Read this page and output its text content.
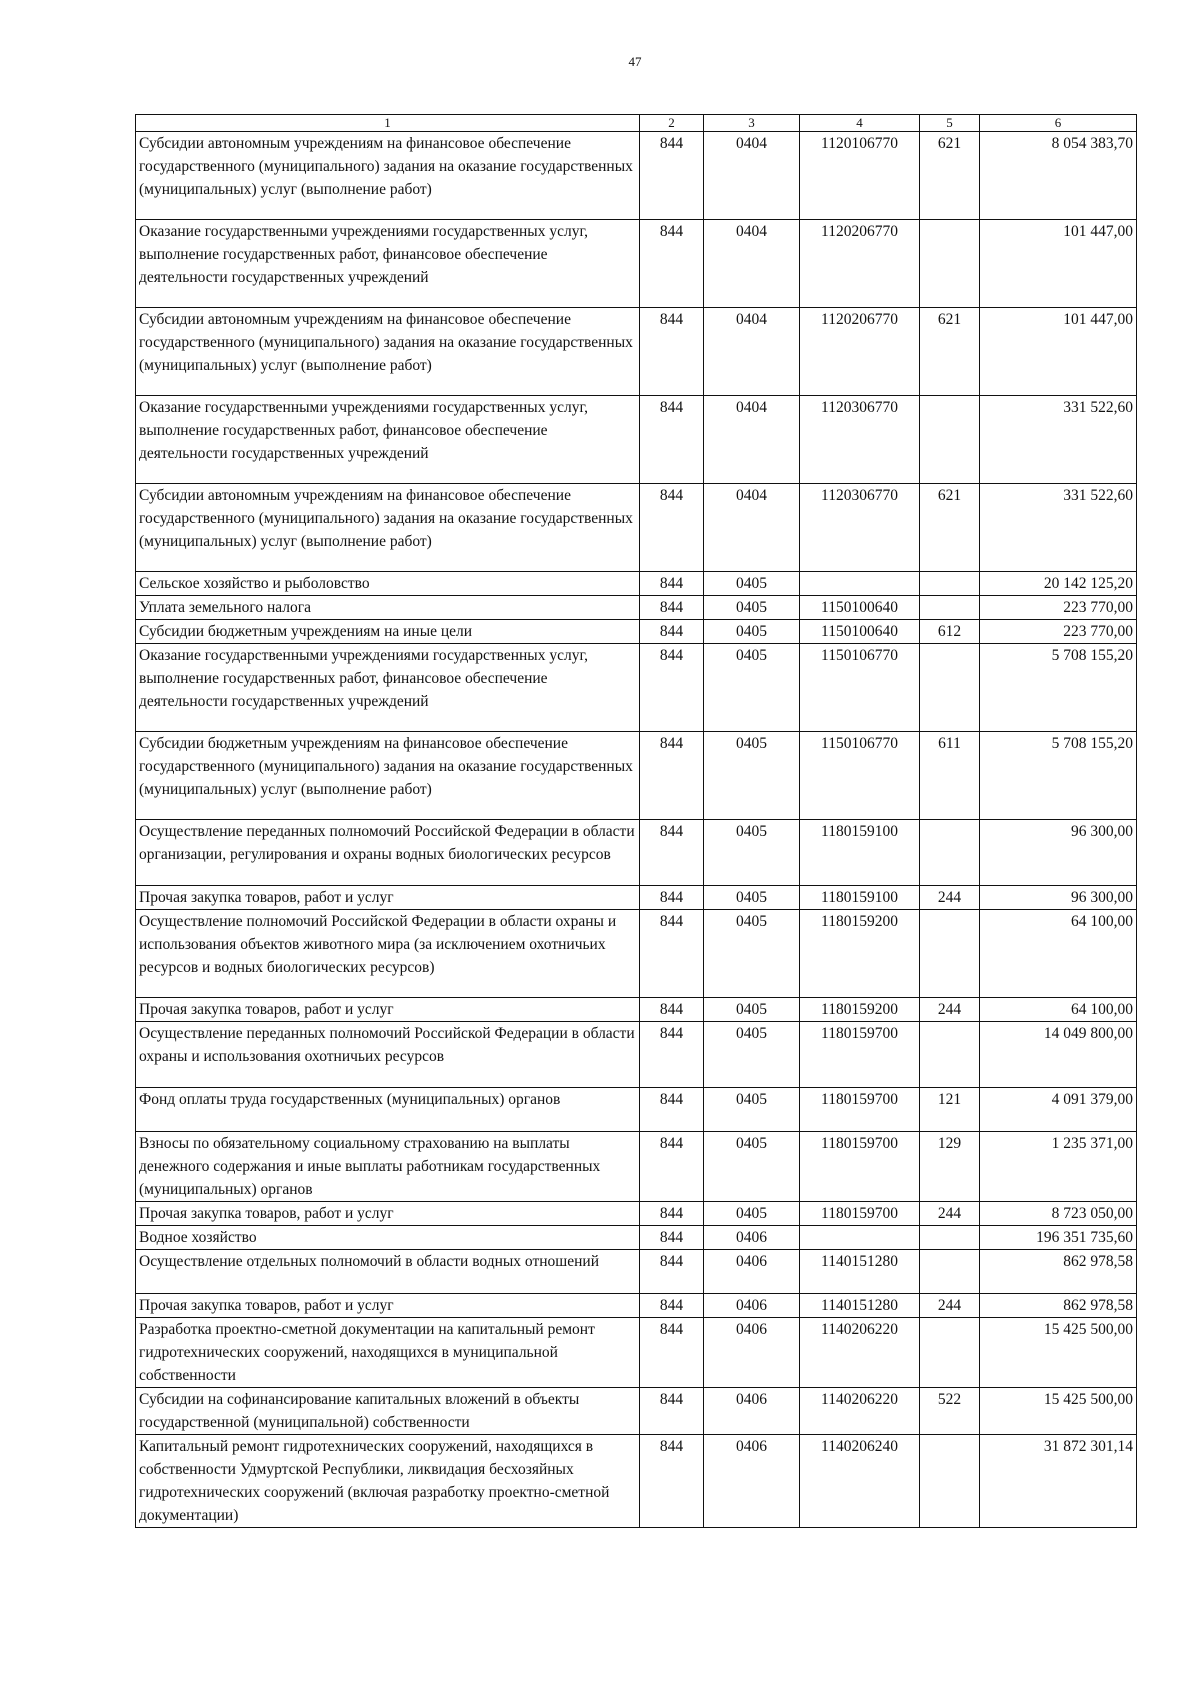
47
1	2	3	4	5	6
Субсидии автономным учреждениям на финансовое обеспечение государственного (муниципального) задания на оказание государственных (муниципальных) услуг (выполнение работ)	844	0404	1120106770	621	8 054 383,70
Оказание государственными учреждениями государственных услуг, выполнение государственных работ, финансовое обеспечение деятельности государственных учреждений	844	0404	1120206770		101 447,00
Субсидии автономным учреждениям на финансовое обеспечение государственного (муниципального) задания на оказание государственных (муниципальных) услуг (выполнение работ)	844	0404	1120206770	621	101 447,00
Оказание государственными учреждениями государственных услуг, выполнение государственных работ, финансовое обеспечение деятельности государственных учреждений	844	0404	1120306770		331 522,60
Субсидии автономным учреждениям на финансовое обеспечение государственного (муниципального) задания на оказание государственных (муниципальных) услуг (выполнение работ)	844	0404	1120306770	621	331 522,60
Сельское хозяйство и рыболовство	844	0405			20 142 125,20
Уплата земельного налога	844	0405	1150100640		223 770,00
Субсидии бюджетным учреждениям на иные цели	844	0405	1150100640	612	223 770,00
Оказание государственными учреждениями государственных услуг, выполнение государственных работ, финансовое обеспечение деятельности государственных учреждений	844	0405	1150106770		5 708 155,20
Субсидии бюджетным учреждениям на финансовое обеспечение государственного (муниципального) задания на оказание государственных (муниципальных) услуг (выполнение работ)	844	0405	1150106770	611	5 708 155,20
Осуществление переданных полномочий Российской Федерации в области организации, регулирования и охраны водных биологических ресурсов	844	0405	1180159100		96 300,00
Прочая закупка товаров, работ и услуг	844	0405	1180159100	244	96 300,00
Осуществление полномочий Российской Федерации в области охраны и использования объектов животного мира (за исключением охотничьих ресурсов и водных биологических ресурсов)	844	0405	1180159200		64 100,00
Прочая закупка товаров, работ и услуг	844	0405	1180159200	244	64 100,00
Осуществление переданных полномочий Российской Федерации в области охраны и использования охотничьих ресурсов	844	0405	1180159700		14 049 800,00
Фонд оплаты труда государственных (муниципальных) органов	844	0405	1180159700	121	4 091 379,00
Взносы по обязательному социальному страхованию на выплаты денежного содержания и иные выплаты работникам государственных (муниципальных) органов	844	0405	1180159700	129	1 235 371,00
Прочая закупка товаров, работ и услуг	844	0405	1180159700	244	8 723 050,00
Водное хозяйство	844	0406			196 351 735,60
Осуществление отдельных полномочий в области водных отношений	844	0406	1140151280		862 978,58
Прочая закупка товаров, работ и услуг	844	0406	1140151280	244	862 978,58
Разработка проектно-сметной документации на капитальный ремонт гидротехнических сооружений, находящихся в муниципальной собственности	844	0406	1140206220		15 425 500,00
Субсидии на софинансирование капитальных вложений в объекты государственной (муниципальной) собственности	844	0406	1140206220	522	15 425 500,00
Капитальный ремонт гидротехнических сооружений, находящихся в собственности Удмуртской Республики, ликвидация бесхозяйных гидротехнических сооружений (включая разработку проектно-сметной документации)	844	0406	1140206240		31 872 301,14
